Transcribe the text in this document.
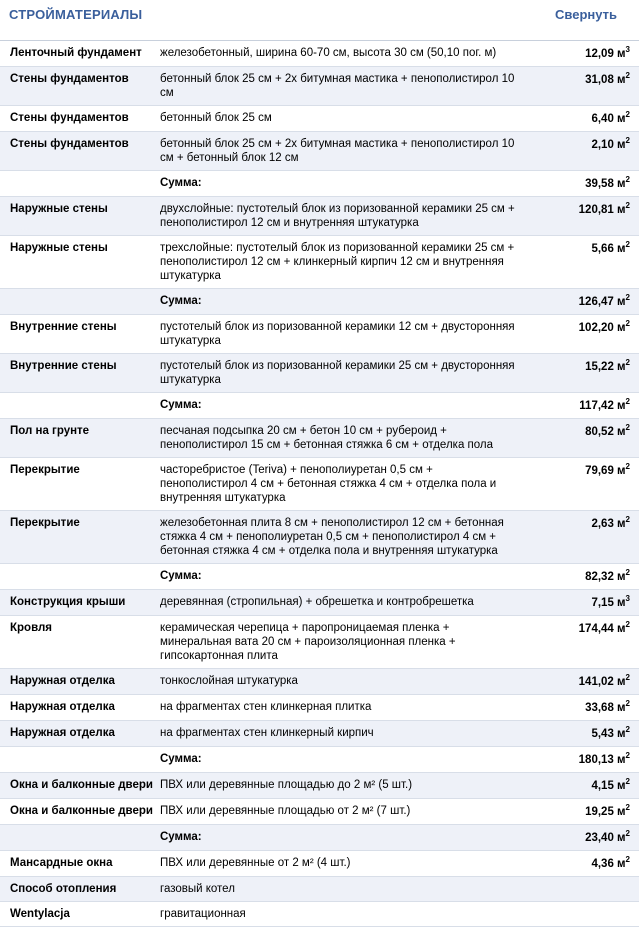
СТРОЙМАТЕРИАЛЫ	Свернуть
Ленточный фундамент	железобетонный, ширина 60-70 см, высота 30 см (50,10 пог. м)	12,09 $м^3$
Стены фундаментов	бетонный блок 25 см + 2х битумная мастика + пенополистирол 10 см	31,08 $м^2$
Стены фундаментов	бетонный блок 25 см	6,40 $м^2$
Стены фундаментов	бетонный блок 25 см + 2х битумная мастика + пенополистирол 10 см + бетонный блок 12 см	2,10 $м^2$
	Сумма:	39,58 $м^2$
Наружные стены	двухслойные: пустотелый блок из поризованной керамики 25 см + пенополистирол 12 см и внутренняя штукатурка	120,81 $м^2$
Наружные стены	трехслойные: пустотелый блок из поризованной керамики 25 см + пенополистирол 12 см + клинкерный кирпич 12 см и внутренняя штукатурка	5,66 $м^2$
	Сумма:	126,47 $м^2$
Внутренние стены	пустотелый блок из поризованной керамики 12 см + двусторонняя штукатурка	102,20 $м^2$
Внутренние стены	пустотелый блок из поризованной керамики 25 см + двусторонняя штукатурка	15,22 $м^2$
	Сумма:	117,42 $м^2$
Пол на грунте	песчаная подсыпка 20 см + бетон 10 см + рубероид + пенополистирол 15 см + бетонная стяжка 6 см + отделка пола	80,52 $м^2$
Перекрытие	часторебристое (Teriva) + пенополиуретан 0,5 см + пенополистирол 4 см + бетонная стяжка 4 см + отделка пола и внутренняя штукатурка	79,69 $м^2$
Перекрытие	железобетонная плита 8 см + пенополистирол 12 см + бетонная стяжка 4 см + пенополиуретан 0,5 см + пенополистирол 4 см + бетонная стяжка 4 см + отделка пола и внутренняя штукатурка	2,63 $м^2$
	Сумма:	82,32 $м^2$
Конструкция крыши	деревянная (стропильная) + обрешетка и контробрешетка	7,15 $м^3$
Кровля	керамическая черепица + паропроницаемая пленка + минеральная вата 20 см + пароизоляционная пленка + гипсокартонная плита	174,44 $м^2$
Наружная отделка	тонкослойная штукатурка	141,02 $м^2$
Наружная отделка	на фрагментах стен клинкерная плитка	33,68 $м^2$
Наружная отделка	на фрагментах стен клинкерный кирпич	5,43 $м^2$
	Сумма:	180,13 $м^2$
Окна и балконные двери	ПВХ или деревянные площадью до 2 м² (5 шт.)	4,15 $м^2$
Окна и балконные двери	ПВХ или деревянные площадью от 2 м² (7 шт.)	19,25 $м^2$
	Сумма:	23,40 $м^2$
Мансардные окна	ПВХ или деревянные от 2 м² (4 шт.)	4,36 $м^2$
Способ отопления	газовый котел	
Wentylacja	гравитационная	
